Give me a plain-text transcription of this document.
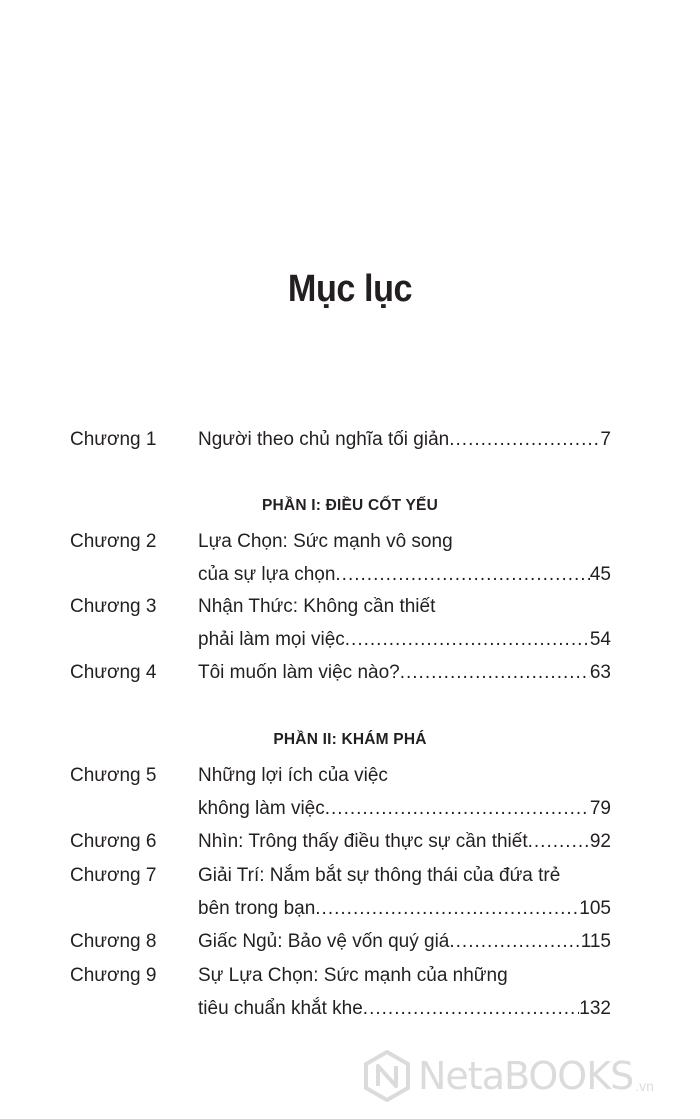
Mục lục
Chương 1 Người theo chủ nghĩa tối giản .....	7
PHẦN I: ĐIỀU CỐT YẾU
Chương 2 Lựa Chọn: Sức mạnh vô song
của sự lựa chọn .....	45
Chương 3 Nhận Thức: Không cần thiết
phải làm mọi việc .....	54
Chương 4 Tôi muốn làm việc nào? .....	63
PHẦN II: KHÁM PHÁ
Chương 5 Những lợi ích của việc
không làm việc .....	79
Chương 6 Nhìn: Trông thấy điều thực sự cần thiết .....	92
Chương 7 Giải Trí: Nắm bắt sự thông thái của đứa trẻ
bên trong bạn .....	105
Chương 8 Giấc Ngủ: Bảo vệ vốn quý giá .....	115
Chương 9 Sự Lựa Chọn: Sức mạnh của những
tiêu chuẩn khắt khe .....	132
NetaBOOKS .vn
